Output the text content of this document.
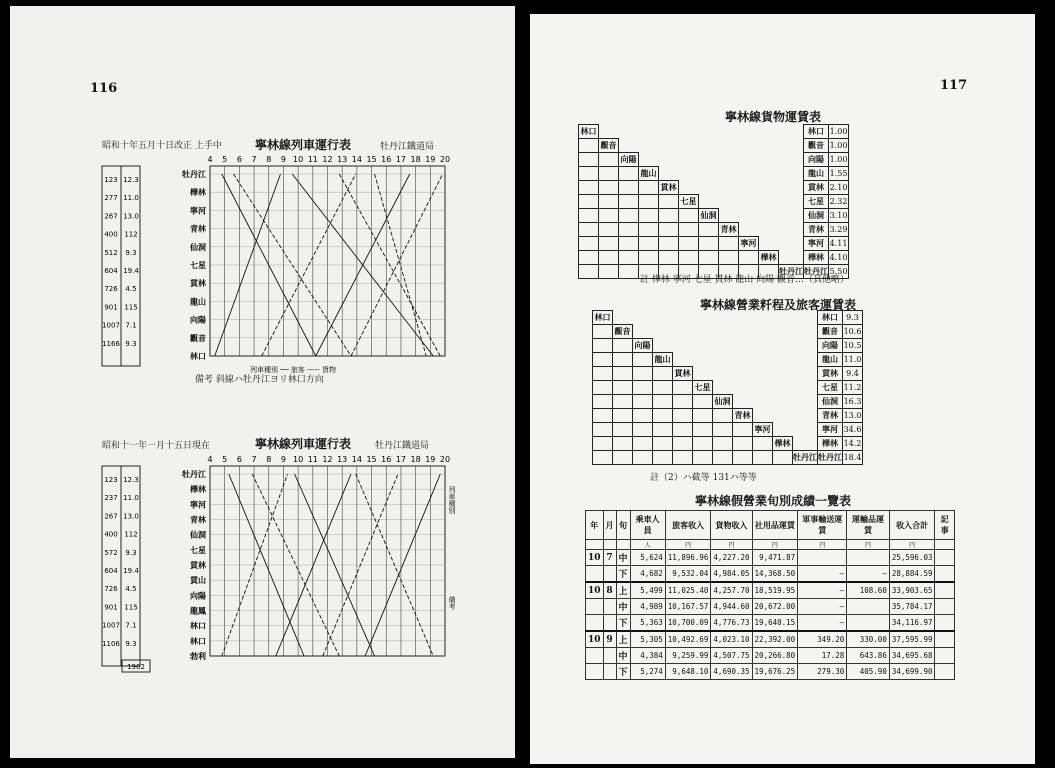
116
昭和十年五月十日改正 上手中	寧林線列車運行表	牡丹江鐵道局
123 12.3
277 11.0
267 13.0
400 112
512 9.3
604 19.4
726 4.5
901 115
1007 7.1
1166 9.3
牡丹江
樺林
寧河
青林
仙洞
七星
貫林
龍山
向陽
觀音
林口
4 5 6 7 8 9 10 11 12 13 14 15 16 17 18 19 20
列車種別 ── 旅客 ----- 貨物
備考 斜線ハ牡丹江ヨリ林口方向
昭和十一年一月十五日現在	寧林線列車運行表	牡丹江鐵道局
123 12.3
237 11.0
267 13.0
400 112
572 9.3
604 19.4
726 4.5
901 115
1007 7.1
1106 9.3
牡丹江
樺林
寧河
青林
仙洞
七星
貫林
貫山
向陽
龍鳳
林口
林口
勃利
4 5 6 7 8 9 10 11 12 13 14 15 16 17 18 19 20
1962
列車種別
備考
117
寧林線貨物運賃表
林口											林口	1.00
	觀音										觀音	1.00
		向陽									向陽	1.00
			龍山								龍山	1.55
				貫林							貫林	2.10
					七星						七星	2.32
						仙洞					仙洞	3.10
							青林				青林	3.29
								寧河			寧河	4.11
									樺林		樺林	4.10
										牡丹江	牡丹江	5.50
註 樺林 寧河 七星 貫林 龍山 向陽 觀音…（其他略）
寧林線營業粁程及旅客運賃表
林口											林口	9.3
	觀音										觀音	10.6
		向陽									向陽	10.5
			龍山								龍山	11.0
				貫林							貫林	9.4
					七星						七星	11.2
						仙洞					仙洞	16.3
							青林				青林	13.0
								寧河			寧河	34.6
									樺林		樺林	14.2
										牡丹江	牡丹江	18.4
註（2）ハ截等 131ハ等等
寧林線假營業旬別成績一覽表
年	月	旬	乘車人員	旅客收入	貨物收入	社用品運賃	軍事輸送運賃	運輸品運賃	收入合計	記事
			人	円	円	円	円	円	円	
10	7	中	5,624	11,896.96	4,227.20	9,471.87			25,596.03	
		下	4,682	9,532.04	4,984.05	14,368.50	—	—	28,884.59	
10	8	上	5,499	11,025.40	4,257.70	18,519.95	—	108.60	33,903.65	
		中	4,989	10,167.57	4,944.60	20,672.00	—		35,784.17	
		下	5,363	10,700.09	4,776.73	19,640.15	—		34,116.97	
10	9	上	5,305	10,492.69	4,023.10	22,392.00	349.20	330.00	37,595.99	
		中	4,384	9,259.99	4,507.75	20,266.80	17.28	643.86	34,695.68	
		下	5,274	9,648.10	4,690.35	19,676.25	279.30	405.90	34,699.90	
